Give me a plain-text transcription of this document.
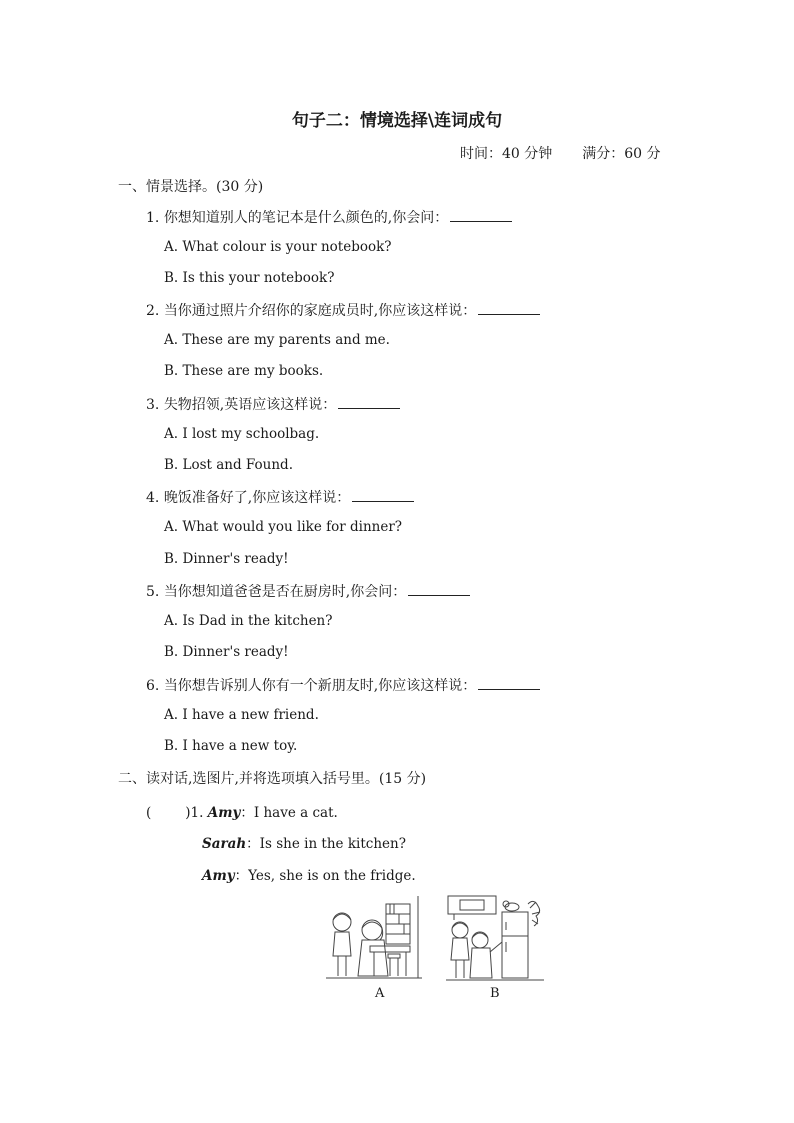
句子二：情境选择\连词成句
时间：40 分钟 满分：60 分
一、情景选择。(30 分)
1. 你想知道别人的笔记本是什么颜色的,你会问：
A. What colour is your notebook?
B. Is this your notebook?
2. 当你通过照片介绍你的家庭成员时,你应该这样说：
A. These are my parents and me.
B. These are my books.
3. 失物招领,英语应该这样说：
A. I lost my schoolbag.
B. Lost and Found.
4. 晚饭准备好了,你应该这样说：
A. What would you like for dinner?
B. Dinner's ready!
5. 当你想知道爸爸是否在厨房时,你会问：
A. Is Dad in the kitchen?
B. Dinner's ready!
6. 当你想告诉别人你有一个新朋友时,你应该这样说：
A. I have a new friend.
B. I have a new toy.
二、读对话,选图片,并将选项填入括号里。(15 分)
(	)1. Amy：I have a cat.
Sarah：Is she in the kitchen?
Amy：Yes, she is on the fridge.
A	B
